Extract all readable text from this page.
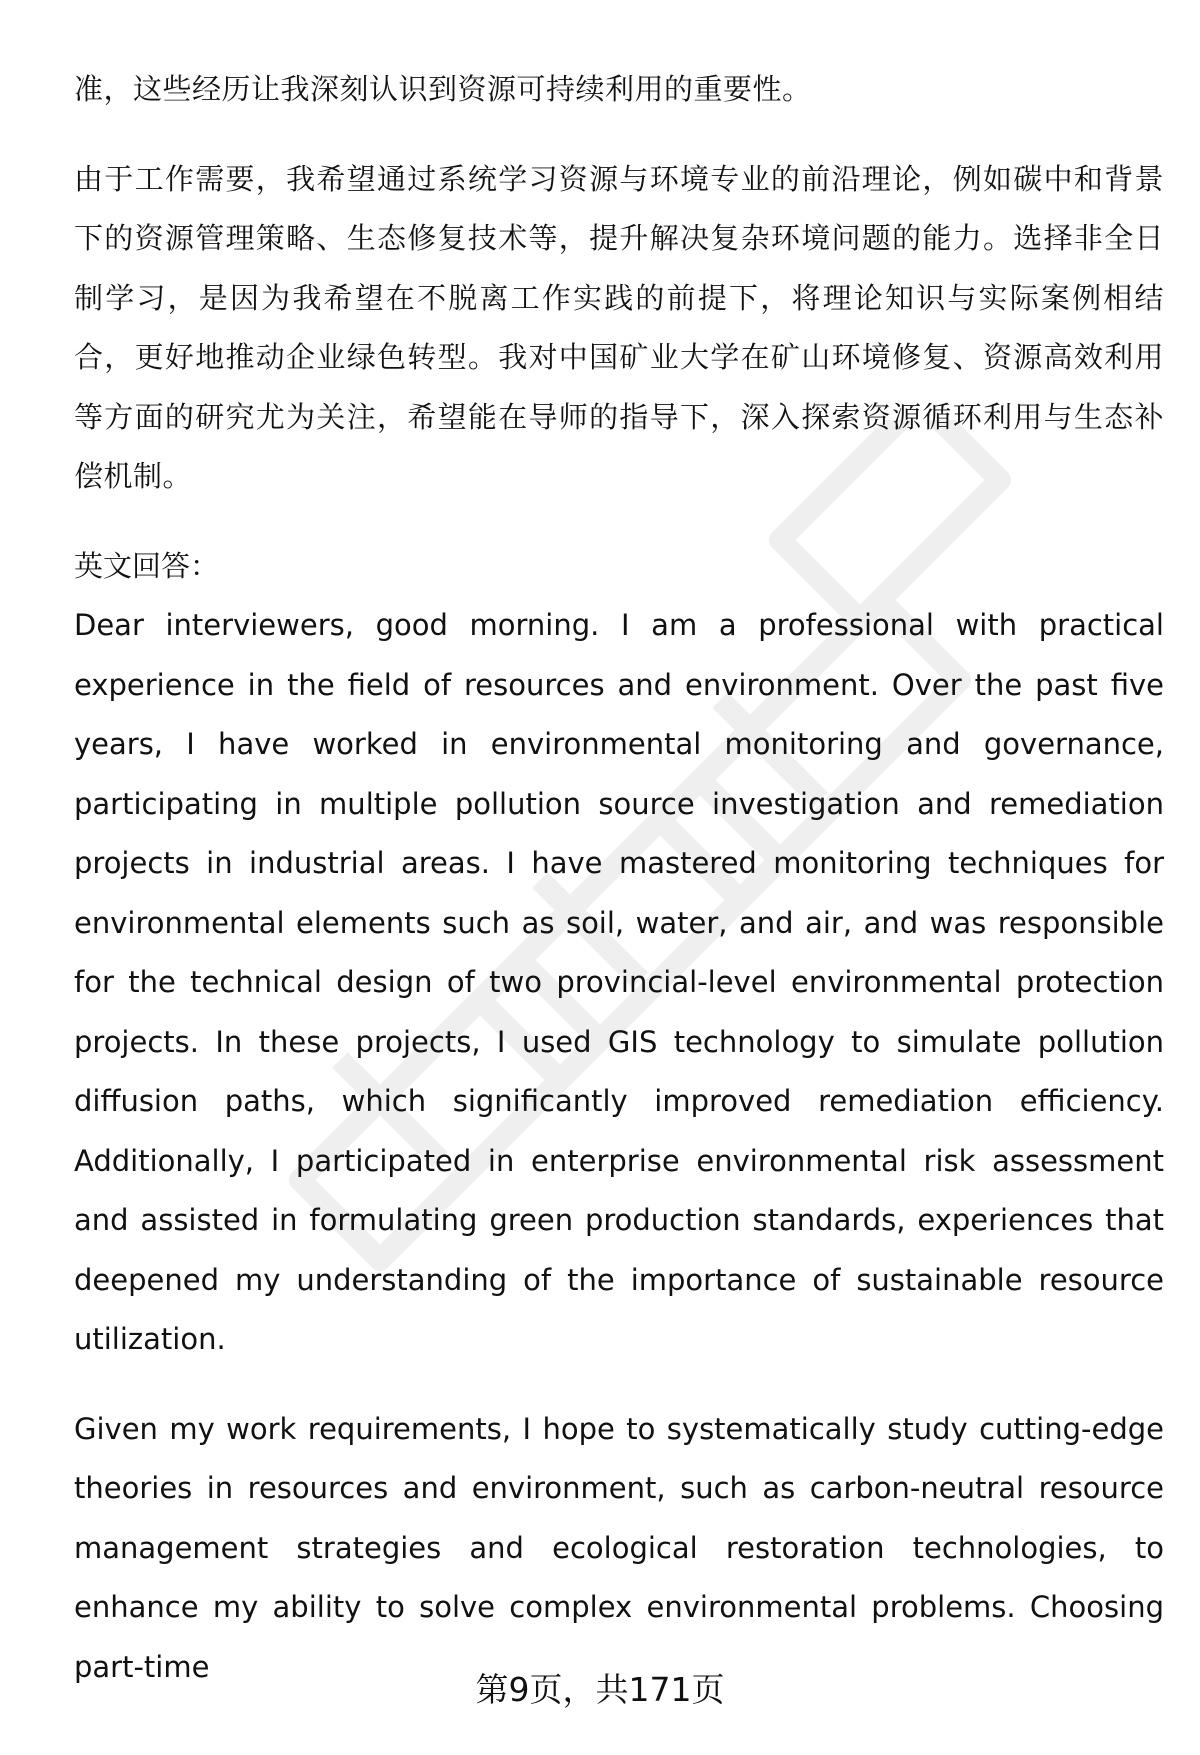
准，这些经历让我深刻认识到资源可持续利用的重要性。

由于工作需要，我希望通过系统学习资源与环境专业的前沿理论，例如碳中和背景下的资源管理策略、生态修复技术等，提升解决复杂环境问题的能力。选择非全日制学习，是因为我希望在不脱离工作实践的前提下，将理论知识与实际案例相结合，更好地推动企业绿色转型。我对中国矿业大学在矿山环境修复、资源高效利用等方面的研究尤为关注，希望能在导师的指导下，深入探索资源循环利用与生态补偿机制。

英文回答：

Dear interviewers, good morning. I am a professional with practical experience in the field of resources and environment. Over the past five years, I have worked in environmental monitoring and governance, participating in multiple pollution source investigation and remediation projects in industrial areas. I have mastered monitoring techniques for environmental elements such as soil, water, and air, and was responsible for the technical design of two provincial-level environmental protection projects. In these projects, I used GIS technology to simulate pollution diffusion paths, which significantly improved remediation efficiency. Additionally, I participated in enterprise environmental risk assessment and assisted in formulating green production standards, experiences that deepened my understanding of the importance of sustainable resource utilization.

Given my work requirements, I hope to systematically study cutting-edge theories in resources and environment, such as carbon-neutral resource management strategies and ecological restoration technologies, to enhance my ability to solve complex environmental problems. Choosing part-time

第9页，共171页
